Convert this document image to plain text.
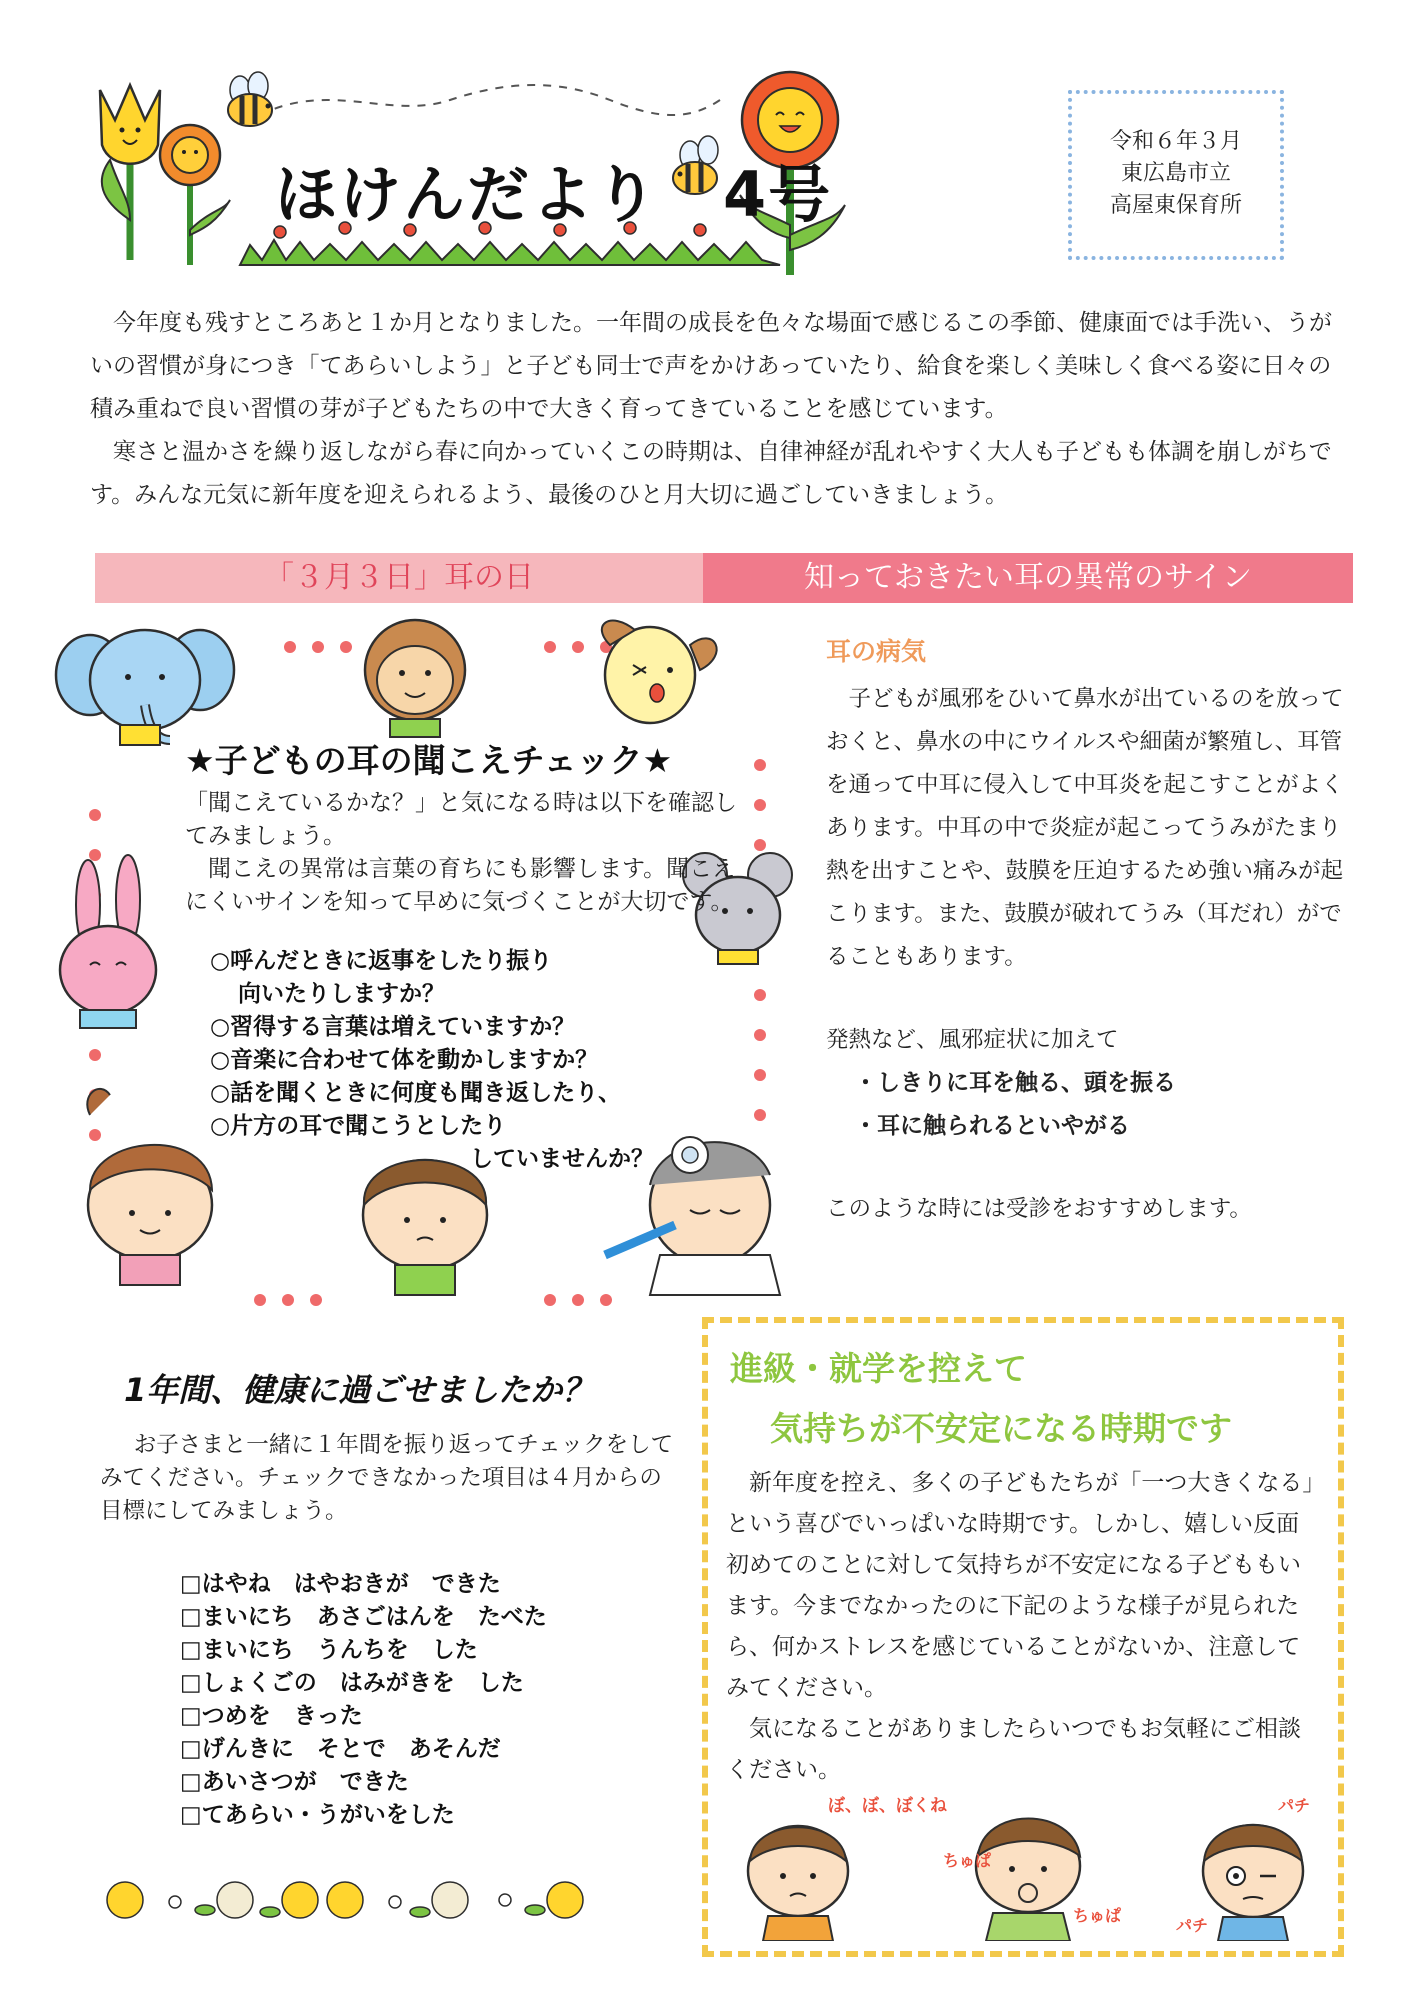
ほけんだより　4号
令和６年３月
東広島市立
高屋東保育所

今年度も残すところあと１か月となりました。一年間の成長を色々な場面で感じるこの季節、健康面では手洗い、うがいの習慣が身につき「てあらいしよう」と子ども同士で声をかけあっていたり、給食を楽しく美味しく食べる姿に日々の積み重ねで良い習慣の芽が子どもたちの中で大きく育ってきていることを感じています。

寒さと温かさを繰り返しながら春に向かっていくこの時期は、自律神経が乱れやすく大人も子どもも体調を崩しがちです。みんな元気に新年度を迎えられるよう、最後のひと月大切に過ごしていきましょう。

「３月３日」耳の日	知っておきたい耳の異常のサイン
★子どもの耳の聞こえチェック★

「聞こえているかな？」と気になる時は以下を確認してみましょう。

聞こえの異常は言葉の育ちにも影響します。聞こえにくいサインを知って早めに気づくことが大切です。

○呼んだときに返事をしたり振り
向いたりしますか？
○習得する言葉は増えていますか？
○音楽に合わせて体を動かしますか？
○話を聞くときに何度も聞き返したり、
○片方の耳で聞こうとしたり
していませんか？
耳の病気

子どもが風邪をひいて鼻水が出ているのを放っておくと、鼻水の中にウイルスや細菌が繁殖し、耳管を通って中耳に侵入して中耳炎を起こすことがよくあります。中耳の中で炎症が起こってうみがたまり熱を出すことや、鼓膜を圧迫するため強い痛みが起こります。また、鼓膜が破れてうみ（耳だれ）がでることもあります。

発熱など、風邪症状に加えて

・しきりに耳を触る、頭を振る
・耳に触られるといやがる

このような時には受診をおすすめします。

1年間、健康に過ごせましたか？

お子さまと一緒に１年間を振り返ってチェックをしてみてください。チェックできなかった項目は４月からの目標にしてみましょう。

□はやね　はやおきが　できた
□まいにち　あさごはんを　たべた
□まいにち　うんちを　した
□しょくごの　はみがきを　した
□つめを　きった
□げんきに　そとで　あそんだ
□あいさつが　できた
□てあらい・うがいをした
進級・就学を控えて
気持ちが不安定になる時期です

新年度を控え、多くの子どもたちが「一つ大きくなる」という喜びでいっぱいな時期です。しかし、嬉しい反面初めてのことに対して気持ちが不安定になる子どももいます。今までなかったのに下記のような様子が見られたら、何かストレスを感じていることがないか、注意してみてください。

気になることがありましたらいつでもお気軽にご相談ください。

ぼ、ぼ、ぼくね
ちゅぱ
ちゅぱ
パチ
パチ
